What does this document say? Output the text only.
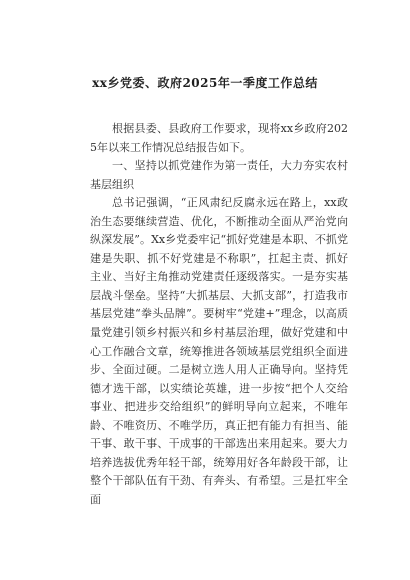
xx乡党委、政府2025年一季度工作总结

根据县委、县政府工作要求，现将xx乡政府2025年以来工作情况总结报告如下。

一、坚持以抓党建作为第一责任，大力夯实农村基层组织

总书记强调，“正风肃纪反腐永远在路上，xx政治生态要继续营造、优化，不断推动全面从严治党向纵深发展”。Xx乡党委牢记“抓好党建是本职、不抓党建是失职、抓不好党建是不称职”，扛起主责、抓好主业、当好主角推动党建责任逐级落实。一是夯实基层战斗堡垒。坚持“大抓基层、大抓支部”，打造我市基层党建“拳头品牌”。要树牢“党建+”理念，以高质量党建引领乡村振兴和乡村基层治理，做好党建和中心工作融合文章，统筹推进各领域基层党组织全面进步、全面过硬。二是树立选人用人正确导向。坚持凭德才选干部，以实绩论英雄，进一步按“把个人交给事业、把进步交给组织”的鲜明导向立起来，不唯年龄、不唯资历、不唯学历，真正把有能力有担当、能干事、敢干事、干成事的干部选出来用起来。要大力培养选拔优秀年轻干部，统筹用好各年龄段干部，让整个干部队伍有干劲、有奔头、有希望。三是扛牢全面
